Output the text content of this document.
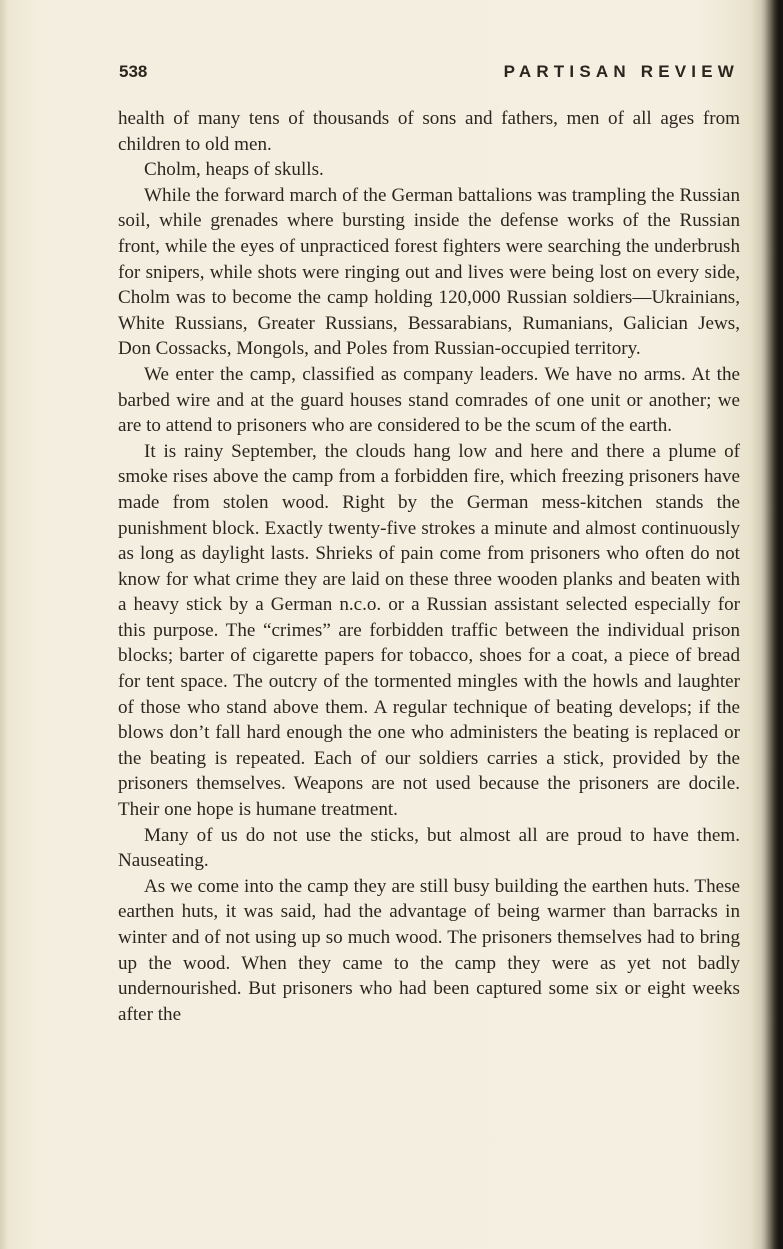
538	PARTISAN REVIEW

health of many tens of thousands of sons and fathers, men of all ages from children to old men.

Cholm, heaps of skulls.

While the forward march of the German battalions was trampling the Russian soil, while grenades where bursting inside the defense works of the Russian front, while the eyes of unpracticed forest fighters were searching the underbrush for snipers, while shots were ringing out and lives were being lost on every side, Cholm was to become the camp holding 120,000 Russian soldiers—Ukrainians, White Russians, Greater Russians, Bessarabians, Rumanians, Galician Jews, Don Cossacks, Mongols, and Poles from Russian-occupied territory.

We enter the camp, classified as company leaders. We have no arms. At the barbed wire and at the guard houses stand comrades of one unit or another; we are to attend to prisoners who are considered to be the scum of the earth.

It is rainy September, the clouds hang low and here and there a plume of smoke rises above the camp from a forbidden fire, which freezing prisoners have made from stolen wood. Right by the German mess-kitchen stands the punishment block. Exactly twenty-five strokes a minute and almost continuously as long as daylight lasts. Shrieks of pain come from prisoners who often do not know for what crime they are laid on these three wooden planks and beaten with a heavy stick by a German n.c.o. or a Russian assistant selected especially for this purpose. The “crimes” are forbidden traffic between the individual prison blocks; barter of cigarette papers for tobacco, shoes for a coat, a piece of bread for tent space. The outcry of the tormented mingles with the howls and laughter of those who stand above them. A regular technique of beating develops; if the blows don’t fall hard enough the one who administers the beating is replaced or the beating is repeated. Each of our soldiers carries a stick, provided by the prisoners themselves. Weapons are not used because the prisoners are docile. Their one hope is humane treatment.

Many of us do not use the sticks, but almost all are proud to have them. Nauseating.

As we come into the camp they are still busy building the earthen huts. These earthen huts, it was said, had the advantage of being warmer than barracks in winter and of not using up so much wood. The prisoners themselves had to bring up the wood. When they came to the camp they were as yet not badly undernourished. But prisoners who had been captured some six or eight weeks after the
